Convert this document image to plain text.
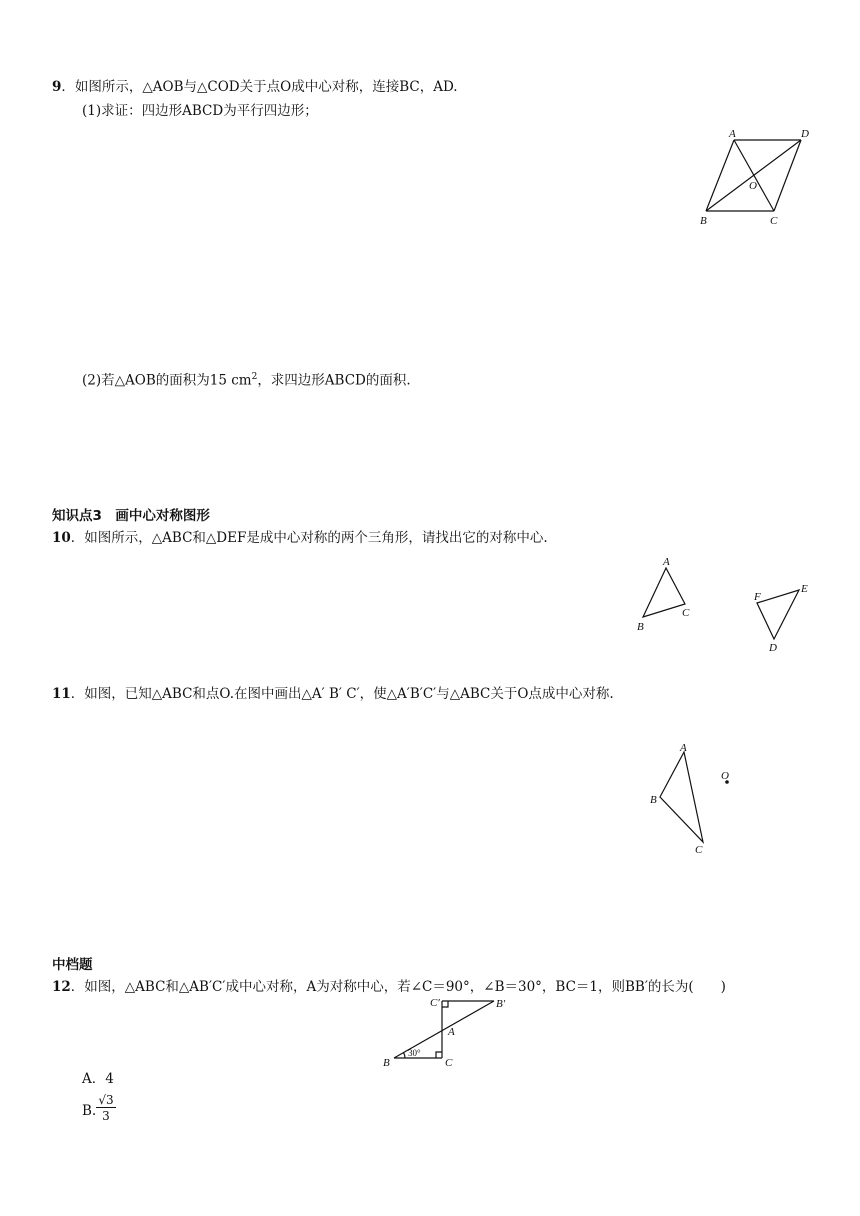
9．如图所示，△AOB与△COD关于点O成中心对称，连接BC，AD.
(1)求证：四边形ABCD为平行四边形；
A	D
O
B	C
(2)若△AOB的面积为15 $cm^2$，求四边形ABCD的面积.
知识点3　画中心对称图形
10．如图所示，△ABC和△DEF是成中心对称的两个三角形，请找出它的对称中心.
A
B
C
F
E
D
11．如图，已知△ABC和点O.在图中画出△A′ B′ C′，使△A′B′C′与△ABC关于O点成中心对称.
A
O
B
C
中档题
12．如图，△ABC和△AB′C′成中心对称，A为对称中心，若∠C＝90°，∠B＝30°，BC＝1，则BB′的长为(　　)
C′	B′
A
B	C
30°
A．4
B. $\frac{√3}{3}$
